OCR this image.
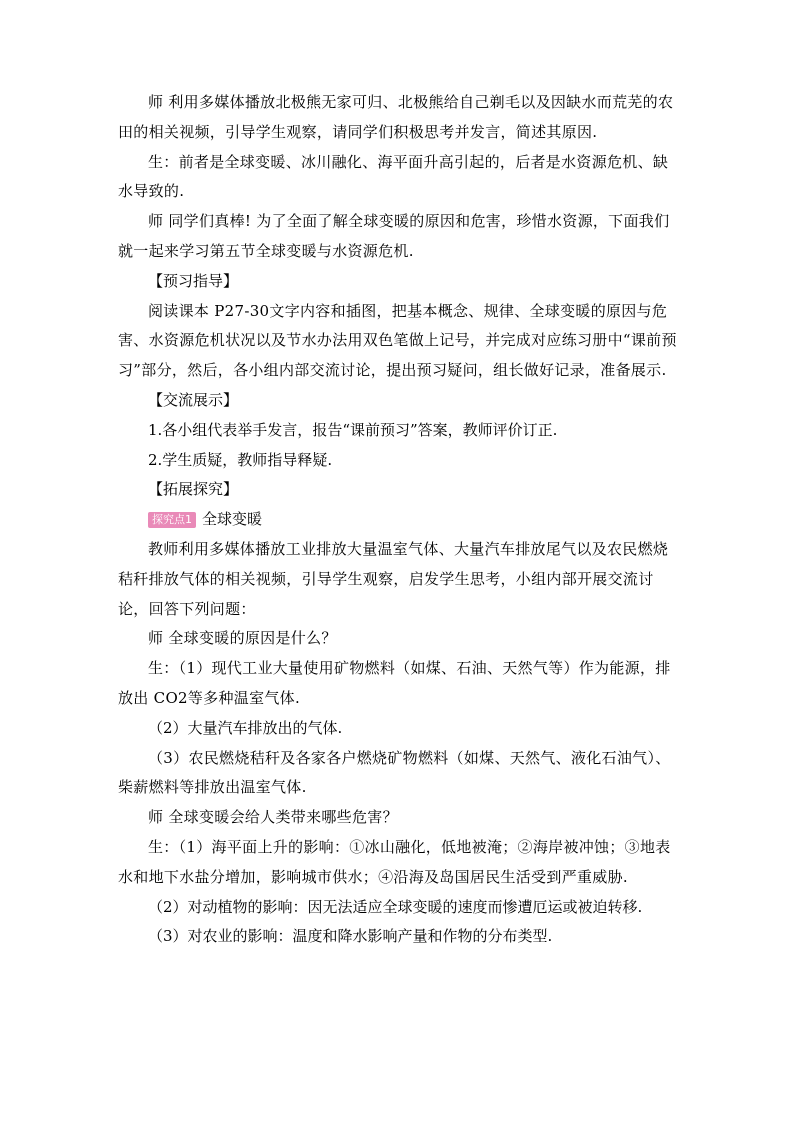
师 利用多媒体播放北极熊无家可归、北极熊给自己剃毛以及因缺水而荒芜的农田的相关视频，引导学生观察，请同学们积极思考并发言，简述其原因.

生：前者是全球变暖、冰川融化、海平面升高引起的，后者是水资源危机、缺水导致的.

师 同学们真棒! 为了全面了解全球变暖的原因和危害，珍惜水资源，下面我们就一起来学习第五节全球变暖与水资源危机.

【预习指导】

阅读课本 P27-30文字内容和插图，把基本概念、规律、全球变暖的原因与危害、水资源危机状况以及节水办法用双色笔做上记号，并完成对应练习册中“课前预习”部分，然后，各小组内部交流讨论，提出预习疑问，组长做好记录，准备展示.

【交流展示】

1.各小组代表举手发言，报告“课前预习”答案，教师评价订正.

2.学生质疑，教师指导释疑.

【拓展探究】

探究点1 全球变暖

教师利用多媒体播放工业排放大量温室气体、大量汽车排放尾气以及农民燃烧秸秆排放气体的相关视频，引导学生观察，启发学生思考，小组内部开展交流讨论，回答下列问题：

师 全球变暖的原因是什么？

生：（1）现代工业大量使用矿物燃料（如煤、石油、天然气等）作为能源，排放出 CO2等多种温室气体.

（2）大量汽车排放出的气体.

（3）农民燃烧秸秆及各家各户燃烧矿物燃料（如煤、天然气、液化石油气）、柴薪燃料等排放出温室气体.

师 全球变暖会给人类带来哪些危害？

生：（1）海平面上升的影响：①冰山融化，低地被淹；②海岸被冲蚀；③地表水和地下水盐分增加，影响城市供水；④沿海及岛国居民生活受到严重威胁.

（2）对动植物的影响：因无法适应全球变暖的速度而惨遭厄运或被迫转移.

（3）对农业的影响：温度和降水影响产量和作物的分布类型.
